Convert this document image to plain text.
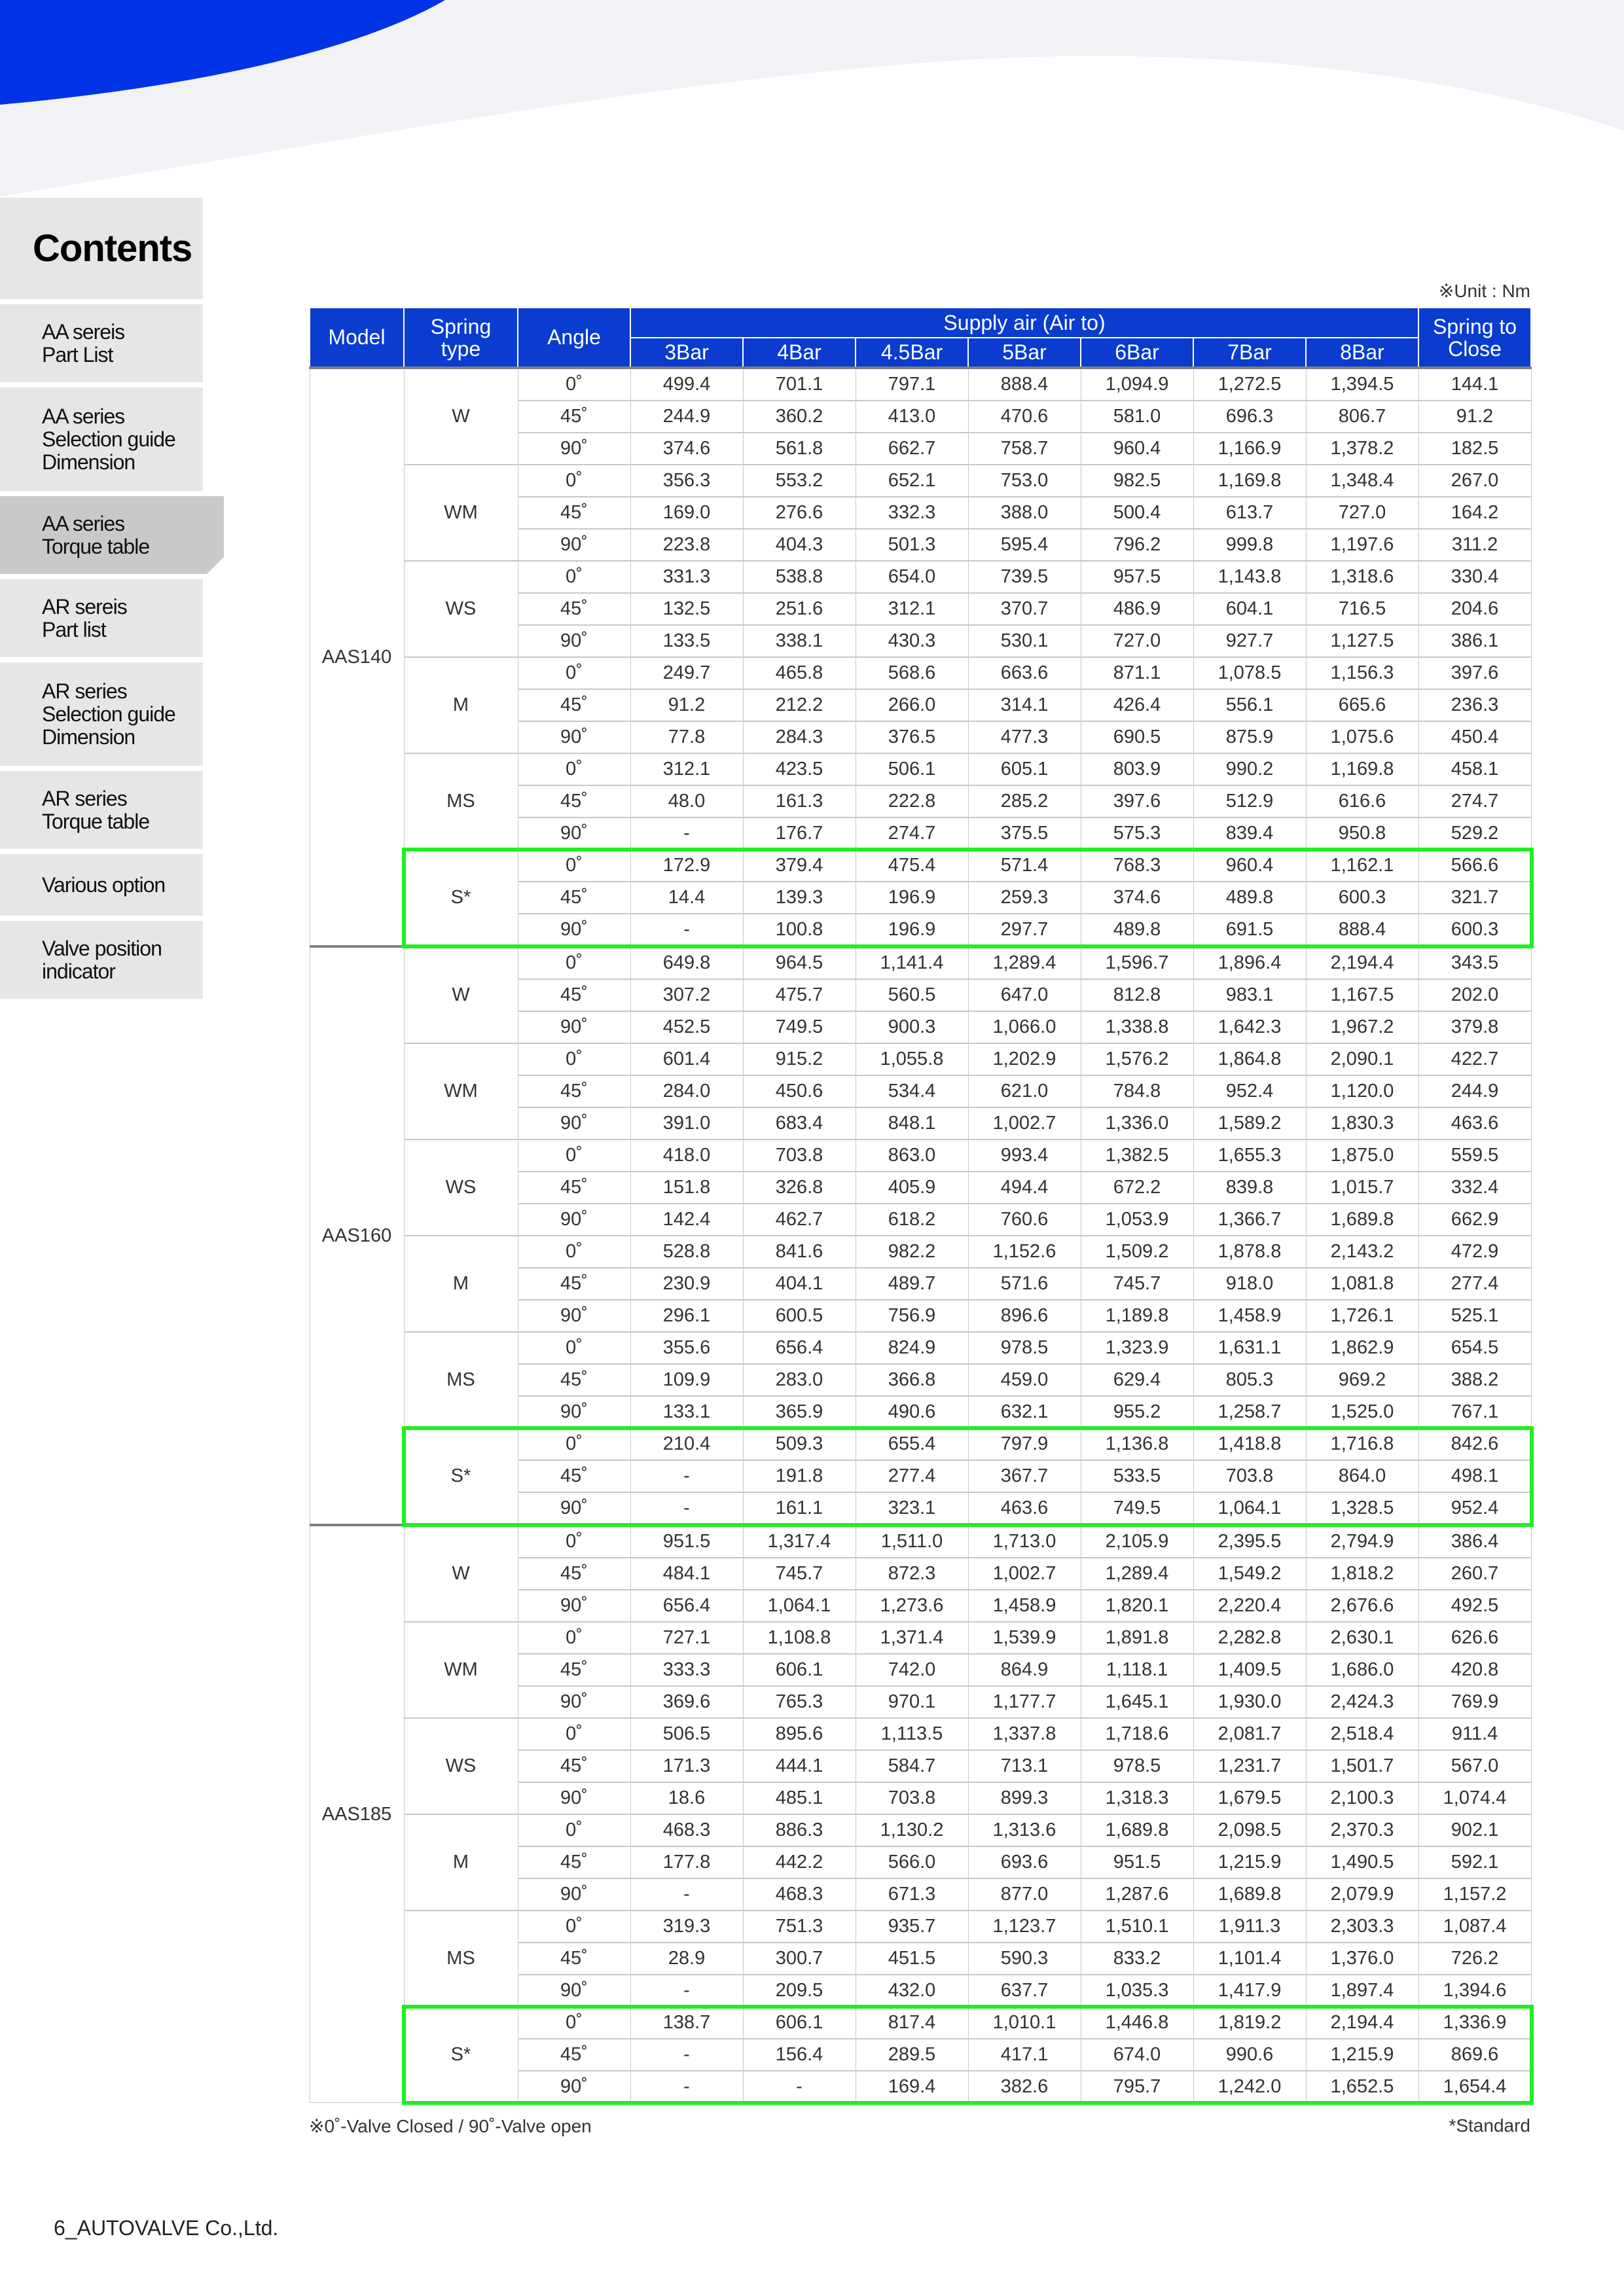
Contents
AA sereis
Part List
AA series
Selection guide
Dimension
AA series
Torque table
AR sereis
Part list
AR series
Selection guide
Dimension
AR series
Torque table
Various option
Valve position
indicator
※Unit : Nm
Model	Spring
type	Angle	Supply air (Air to)							Spring to
Close
			3Bar	4Bar	4.5Bar	5Bar	6Bar	7Bar	8Bar	
AAS140	W	0˚	499.4	701.1	797.1	888.4	1,094.9	1,272.5	1,394.5	144.1
		45˚	244.9	360.2	413.0	470.6	581.0	696.3	806.7	91.2
		90˚	374.6	561.8	662.7	758.7	960.4	1,166.9	1,378.2	182.5
	WM	0˚	356.3	553.2	652.1	753.0	982.5	1,169.8	1,348.4	267.0
		45˚	169.0	276.6	332.3	388.0	500.4	613.7	727.0	164.2
		90˚	223.8	404.3	501.3	595.4	796.2	999.8	1,197.6	311.2
	WS	0˚	331.3	538.8	654.0	739.5	957.5	1,143.8	1,318.6	330.4
		45˚	132.5	251.6	312.1	370.7	486.9	604.1	716.5	204.6
		90˚	133.5	338.1	430.3	530.1	727.0	927.7	1,127.5	386.1
	M	0˚	249.7	465.8	568.6	663.6	871.1	1,078.5	1,156.3	397.6
		45˚	91.2	212.2	266.0	314.1	426.4	556.1	665.6	236.3
		90˚	77.8	284.3	376.5	477.3	690.5	875.9	1,075.6	450.4
	MS	0˚	312.1	423.5	506.1	605.1	803.9	990.2	1,169.8	458.1
		45˚	48.0	161.3	222.8	285.2	397.6	512.9	616.6	274.7
		90˚	-	176.7	274.7	375.5	575.3	839.4	950.8	529.2
	S*	0˚	172.9	379.4	475.4	571.4	768.3	960.4	1,162.1	566.6
		45˚	14.4	139.3	196.9	259.3	374.6	489.8	600.3	321.7
		90˚	-	100.8	196.9	297.7	489.8	691.5	888.4	600.3
AAS160	W	0˚	649.8	964.5	1,141.4	1,289.4	1,596.7	1,896.4	2,194.4	343.5
		45˚	307.2	475.7	560.5	647.0	812.8	983.1	1,167.5	202.0
		90˚	452.5	749.5	900.3	1,066.0	1,338.8	1,642.3	1,967.2	379.8
	WM	0˚	601.4	915.2	1,055.8	1,202.9	1,576.2	1,864.8	2,090.1	422.7
		45˚	284.0	450.6	534.4	621.0	784.8	952.4	1,120.0	244.9
		90˚	391.0	683.4	848.1	1,002.7	1,336.0	1,589.2	1,830.3	463.6
	WS	0˚	418.0	703.8	863.0	993.4	1,382.5	1,655.3	1,875.0	559.5
		45˚	151.8	326.8	405.9	494.4	672.2	839.8	1,015.7	332.4
		90˚	142.4	462.7	618.2	760.6	1,053.9	1,366.7	1,689.8	662.9
	M	0˚	528.8	841.6	982.2	1,152.6	1,509.2	1,878.8	2,143.2	472.9
		45˚	230.9	404.1	489.7	571.6	745.7	918.0	1,081.8	277.4
		90˚	296.1	600.5	756.9	896.6	1,189.8	1,458.9	1,726.1	525.1
	MS	0˚	355.6	656.4	824.9	978.5	1,323.9	1,631.1	1,862.9	654.5
		45˚	109.9	283.0	366.8	459.0	629.4	805.3	969.2	388.2
		90˚	133.1	365.9	490.6	632.1	955.2	1,258.7	1,525.0	767.1
	S*	0˚	210.4	509.3	655.4	797.9	1,136.8	1,418.8	1,716.8	842.6
		45˚	-	191.8	277.4	367.7	533.5	703.8	864.0	498.1
		90˚	-	161.1	323.1	463.6	749.5	1,064.1	1,328.5	952.4
AAS185	W	0˚	951.5	1,317.4	1,511.0	1,713.0	2,105.9	2,395.5	2,794.9	386.4
		45˚	484.1	745.7	872.3	1,002.7	1,289.4	1,549.2	1,818.2	260.7
		90˚	656.4	1,064.1	1,273.6	1,458.9	1,820.1	2,220.4	2,676.6	492.5
	WM	0˚	727.1	1,108.8	1,371.4	1,539.9	1,891.8	2,282.8	2,630.1	626.6
		45˚	333.3	606.1	742.0	864.9	1,118.1	1,409.5	1,686.0	420.8
		90˚	369.6	765.3	970.1	1,177.7	1,645.1	1,930.0	2,424.3	769.9
	WS	0˚	506.5	895.6	1,113.5	1,337.8	1,718.6	2,081.7	2,518.4	911.4
		45˚	171.3	444.1	584.7	713.1	978.5	1,231.7	1,501.7	567.0
		90˚	18.6	485.1	703.8	899.3	1,318.3	1,679.5	2,100.3	1,074.4
	M	0˚	468.3	886.3	1,130.2	1,313.6	1,689.8	2,098.5	2,370.3	902.1
		45˚	177.8	442.2	566.0	693.6	951.5	1,215.9	1,490.5	592.1
		90˚	-	468.3	671.3	877.0	1,287.6	1,689.8	2,079.9	1,157.2
	MS	0˚	319.3	751.3	935.7	1,123.7	1,510.1	1,911.3	2,303.3	1,087.4
		45˚	28.9	300.7	451.5	590.3	833.2	1,101.4	1,376.0	726.2
		90˚	-	209.5	432.0	637.7	1,035.3	1,417.9	1,897.4	1,394.6
	S*	0˚	138.7	606.1	817.4	1,010.1	1,446.8	1,819.2	2,194.4	1,336.9
		45˚	-	156.4	289.5	417.1	674.0	990.6	1,215.9	869.6
		90˚	-	-	169.4	382.6	795.7	1,242.0	1,652.5	1,654.4
※0˚-Valve Closed / 90˚-Valve open	*Standard
6_AUTOVALVE Co.,Ltd.
